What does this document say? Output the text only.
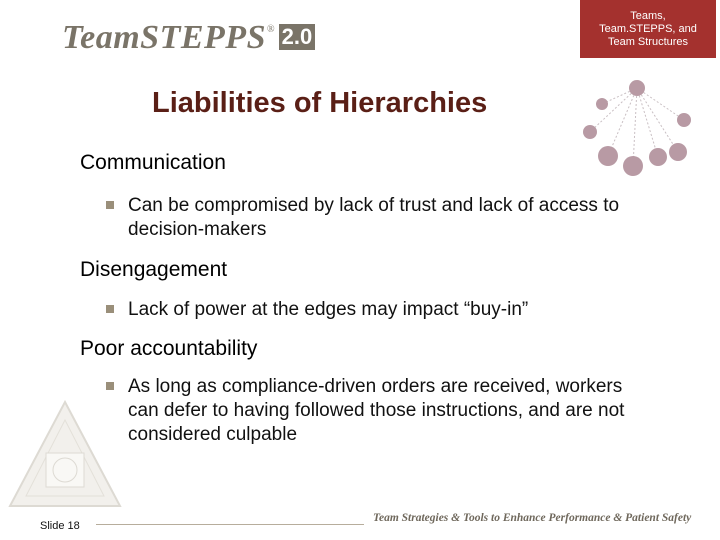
TeamSTEPPS ® 2.0
Teams,
Team.STEPPS, and
Team Structures
Liabilities of Hierarchies
Communication
Can be compromised by lack of trust and lack of access to decision-makers
Disengagement
Lack of power at the edges may impact “buy-in”
Poor accountability
As long as compliance-driven orders are received, workers can defer to having followed those instructions, and are not considered culpable
Slide 18
Team Strategies & Tools to Enhance Performance & Patient Safety
